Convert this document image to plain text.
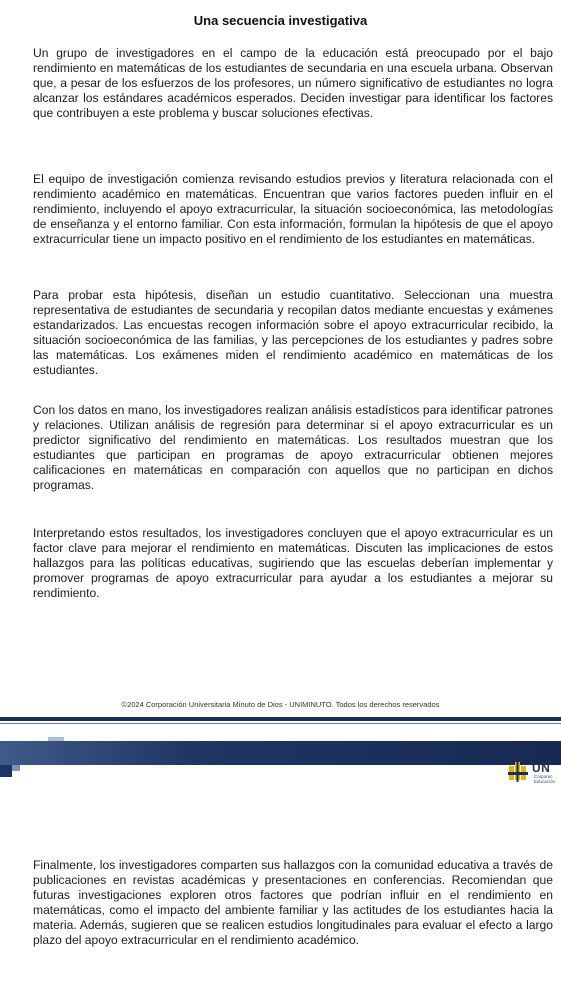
Una secuencia investigativa
Un grupo de investigadores en el campo de la educación está preocupado por el bajo rendimiento en matemáticas de los estudiantes de secundaria en una escuela urbana. Observan que, a pesar de los esfuerzos de los profesores, un número significativo de estudiantes no logra alcanzar los estándares académicos esperados. Deciden investigar para identificar los factores que contribuyen a este problema y buscar soluciones efectivas.
El equipo de investigación comienza revisando estudios previos y literatura relacionada con el rendimiento académico en matemáticas. Encuentran que varios factores pueden influir en el rendimiento, incluyendo el apoyo extracurricular, la situación socioeconómica, las metodologías de enseñanza y el entorno familiar. Con esta información, formulan la hipótesis de que el apoyo extracurricular tiene un impacto positivo en el rendimiento de los estudiantes en matemáticas.
Para probar esta hipótesis, diseñan un estudio cuantitativo. Seleccionan una muestra representativa de estudiantes de secundaria y recopilan datos mediante encuestas y exámenes estandarizados. Las encuestas recogen información sobre el apoyo extracurricular recibido, la situación socioeconómica de las familias, y las percepciones de los estudiantes y padres sobre las matemáticas. Los exámenes miden el rendimiento académico en matemáticas de los estudiantes.
Con los datos en mano, los investigadores realizan análisis estadísticos para identificar patrones y relaciones. Utilizan análisis de regresión para determinar si el apoyo extracurricular es un predictor significativo del rendimiento en matemáticas. Los resultados muestran que los estudiantes que participan en programas de apoyo extracurricular obtienen mejores calificaciones en matemáticas en comparación con aquellos que no participan en dichos programas.
Interpretando estos resultados, los investigadores concluyen que el apoyo extracurricular es un factor clave para mejorar el rendimiento en matemáticas. Discuten las implicaciones de estos hallazgos para las políticas educativas, sugiriendo que las escuelas deberían implementar y promover programas de apoyo extracurricular para ayudar a los estudiantes a mejorar su rendimiento.
©2024 Corporación Universitaria Minuto de Dios - UNIMINUTO. Todos los derechos reservados
UN
Corporac
Educación
Finalmente, los investigadores comparten sus hallazgos con la comunidad educativa a través de publicaciones en revistas académicas y presentaciones en conferencias. Recomiendan que futuras investigaciones exploren otros factores que podrían influir en el rendimiento en matemáticas, como el impacto del ambiente familiar y las actitudes de los estudiantes hacia la materia. Además, sugieren que se realicen estudios longitudinales para evaluar el efecto a largo plazo del apoyo extracurricular en el rendimiento académico.
